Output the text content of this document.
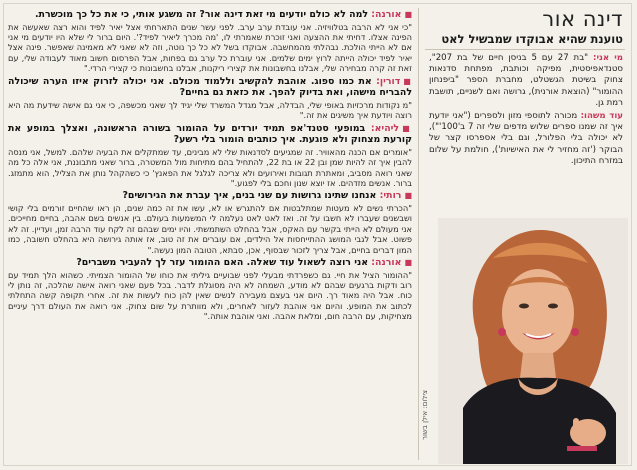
דינה אור
טוענת שהיא אבוקדו שמבשיל לאט

מי אני: "בת 27 עם 5 בניסן חיים של בת 207", סטנדאפיסטית, מפיקה וכותבת, מפתחת סדנאות צחוק בשיטת הגשטלט, מחברת הספר "ביפנחון ההומור" (הוצאת אורנית), גרושה ואם לשניים, תושבת רמת גן.

עוד משהו: מכורה לתוספי מזון ולספרים ("אני יודעת איך זה שמנו ספרים שלוש מדפים שלי זה 7 ב'100'"), לא יכולה בלי הפלורל, וגם בלי אספרסו קצר של הבוקר ('זה מחזיר לי את האישיות'), חולמת על שלום במזרח התיכון.

צילום: אילן בשור
■אורנה: למה לא כולם יודעים מי זאת דינה אור? זה משגע אותי, כי את כל כך מוכשרת.
"כי אני לא הרבה בטלוויזיה. אני עובדת ערב ערב. לפני עשר שנים התארחתי אצל יאיר לפיד והוא רצה שאעשה את הפינה אצלו. דחיתי את ההצעה ואני זוכרת שאמרתי לו, 'מה מכרך ליאיר לפיד?'. היום ברור לי שלא היו יודעים מי אני אם לא הייתי הולכת. נבהלתי מהמחשבה. אבוקדו בשל לא כל כך נוטה, וזה לא שאני לא מאמינה שאפשר. פינה אצל יאיר לפיד יכולה הייתה לרוץ ימים שלמים. אני עוברת כל ערב גם בפחות, אבל הפרסום חשוב מאוד לעבודה שלי, עם זאת זה קרה מבחירה שלי, אבלנו בחשבונות את קצירי ריקנות, אבלנו בחשבונות כי קצירי הרדי."
■דורין: את כמו ספוג. אוהבת להקשיב וללמוד מכולם. אני יכולה לזרוק איזו הערה שיכולה להבריח מישהו, ואת בדיוק להפך. את כזאת גם בחיים?
"מ נקודות מרכזיות באופי שלי, הבדלה, אבל מגדל המשרד שלי יגיד לך שאני מכשפה, כי אני גם אישה שידעת מה היא רוצה ויודעת איך משיגים את זה."
■ליהיא: במופעי סטנד'אפ תמיד יורדים על ההומור בשורה הראשונה, ואצלך במופע את קורעת מצחוק ולא פוגעת. איך כותבים הומור בלי רשע?
"אומרים אם הכנה מהאוויר. זה שמגיעים לסדנאות שלי לא מבינים, עד שמתקלים את הבעיה שלהם. למשל, אני מנסה להבין איך זה להיות שמן ובן 22 או בת 22, להתחיל בהם מתיחות מול המשטרה, ברור שאני מתבוננת, אני אלה כל מה שאני רואה מסביב, ומאתרת תגובות ואירועים ולא צריכה לגלגל את הפאנץ' כי כשהקהל נותן את הצליל, הוא מתמזג. ברור. אנשים מזדהים. אז יוצא שנון וחכם בלי לפגוע."
■רותי: אנחנו שתינו גרושות עם שני בנים, איך עברת את הגירושים?
"הכרתי נשים לא מעטות שמתלבטות אם להתגרש או לא, עשו את זה כמה שנים, הן ראו שהחיים זורמים בלי קושי ושבשנים שעברו לא חשבו על זה. ואז לאט לאט נעלמה לי המשמעות בעולם. בין אנשים בשם אהבה, בחיים מחייכים. אני מעולם לא הייתי בקשר עם האקס, אבל בהחלט השתמשתי. והיו ימים שבהם זה לקח עוד הרבה זמן, ועדיין. זה לא פשוט. אבל לגבי המושג ההתייחסות אל הילדים, אם עוברים את זה טוב, אז אותה גירושה היא בהחלט חשובה, כמו המון דברים בחיים, אבל צריך לזכור שבסוף, אכן, סבתא, הטובה המון נעשה."
■אורנה: אני רוצה לשאול עוד שאלה. האם ההומור עזר לך להעביר משברים?
"ההומור הציל את חיי. גם כשפרדתי מבעלי לפני שבועיים גיליתי את כוחו של ההומור הצמיתי. כשהוא הלך תמיד עם רוב ודקות ברגעים שבהם לא מודע, השמחה לא היה מסוגלת לדבר. בכל פעם שאני רואה אישה שהלכה, זה נותן לי כוח. אבל היה מאוד רך. היום אני בעצם מעבירה לנשים שאין להן כוח לעשות את זה. אחרי תקופה קשה התחלתי לכתוב את המופע. והיום אני אוהבת לעזור לאחרים, ולא מוותרת על שום צחוק. אני רואה את העולם דרך עיניים מצחיקות, עם הרבה חום, ומלאת אהבה. ואני אוהבת אותה."
